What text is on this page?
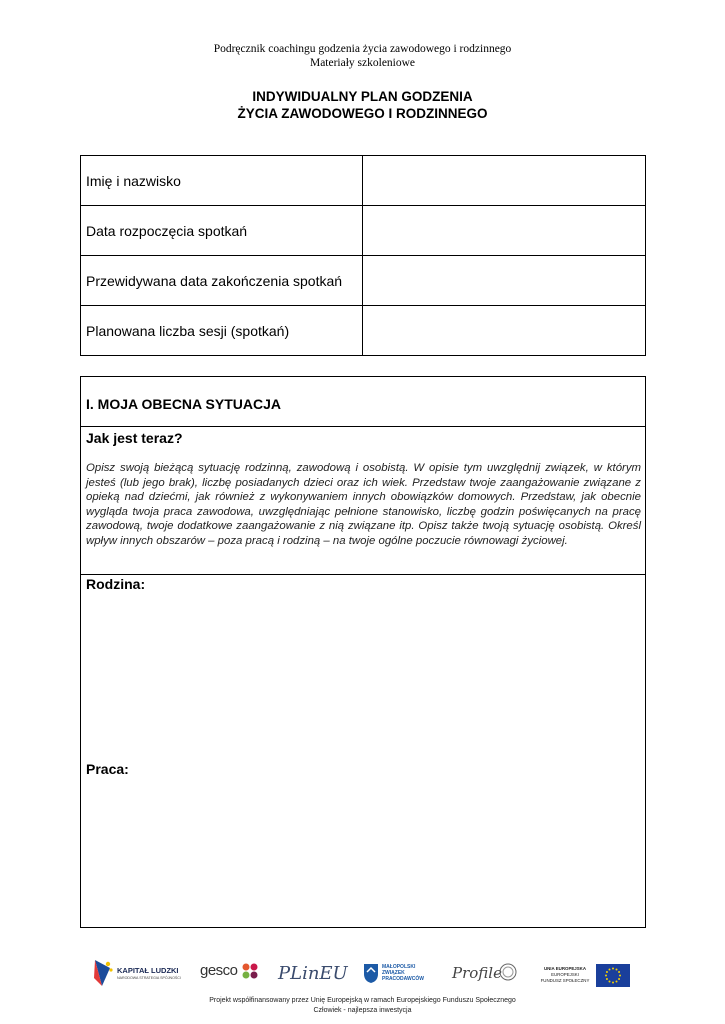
Podręcznik coachingu godzenia życia zawodowego i rodzinnego
Materiały szkoleniowe
INDYWIDUALNY PLAN GODZENIA
ŻYCIA ZAWODOWEGO I RODZINNEGO
Imię i nazwisko	
Data rozpoczęcia spotkań	
Przewidywana data zakończenia spotkań	
Planowana liczba sesji (spotkań)	
I. MOJA OBECNA SYTUACJA
Jak jest teraz?
Opisz swoją bieżącą sytuację rodzinną, zawodową i osobistą. W opisie tym uwzględnij związek, w którym jesteś (lub jego brak), liczbę posiadanych dzieci oraz ich wiek. Przedstaw twoje zaangażowanie związane z opieką nad dziećmi, jak również z wykonywaniem innych obowiązków domowych. Przedstaw, jak obecnie wygląda twoja praca zawodowa, uwzględniając pełnione stanowisko, liczbę godzin poświęcanych na pracę zawodową, twoje dodatkowe zaangażowanie z nią związane itp. Opisz także twoją sytuację osobistą. Określ wpływ innych obszarów – poza pracą i rodziną – na twoje ogólne poczucie równowagi życiowej.
Rodzina:
Praca:
KAPITAŁ LUDZKI
NARODOWA STRATEGIA SPÓJNOŚCI gesco PLinEU	MAŁOPOLSKI
ZWIĄZEK
PRACODAWCÓW Profile	UNIA EUROPEJSKA
EUROPEJSKI
FUNDUSZ SPOŁECZNY
Projekt współfinansowany przez Unię Europejską w ramach Europejskiego Funduszu Społecznego
Człowiek - najlepsza inwestycja
